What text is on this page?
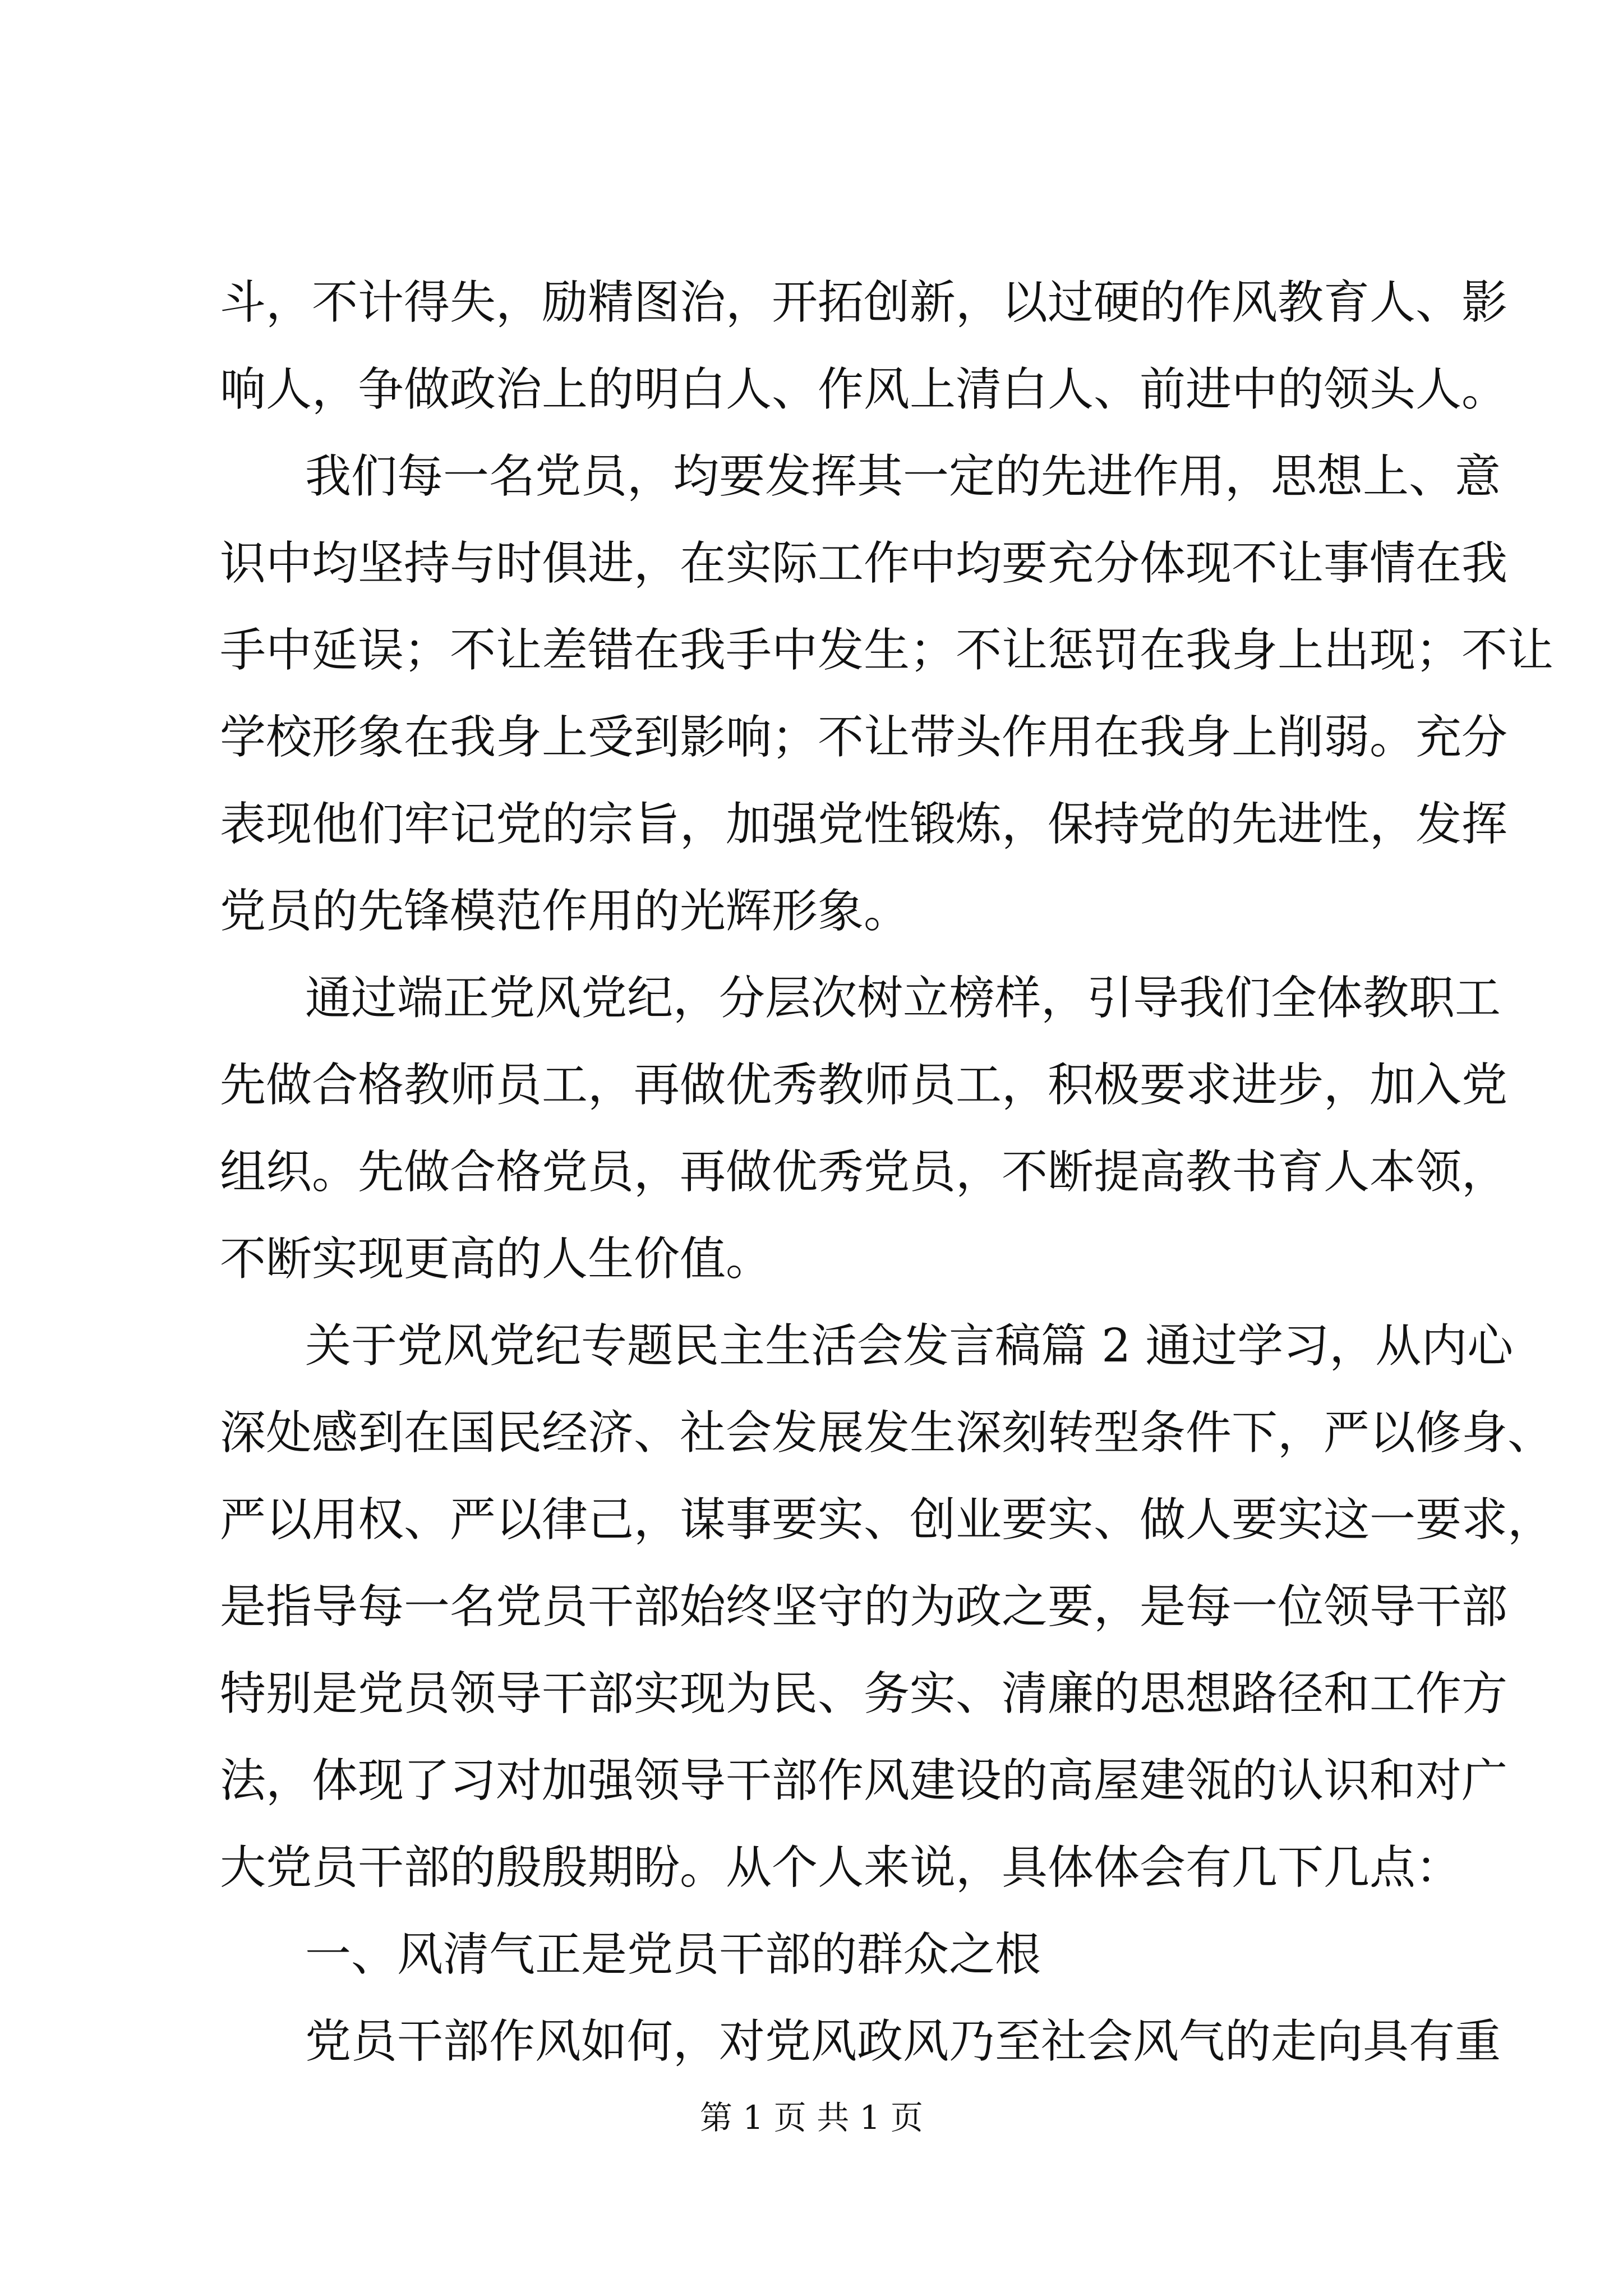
斗，不计得失，励精图治，开拓创新，以过硬的作风教育人、影
响人，争做政治上的明白人、作风上清白人、前进中的领头人。
我们每一名党员，均要发挥其一定的先进作用，思想上、意
识中均坚持与时俱进，在实际工作中均要充分体现不让事情在我
手中延误；不让差错在我手中发生；不让惩罚在我身上出现；不让
学校形象在我身上受到影响；不让带头作用在我身上削弱。充分
表现他们牢记党的宗旨，加强党性锻炼，保持党的先进性，发挥
党员的先锋模范作用的光辉形象。
通过端正党风党纪，分层次树立榜样，引导我们全体教职工
先做合格教师员工，再做优秀教师员工，积极要求进步，加入党
组织。先做合格党员，再做优秀党员，不断提高教书育人本领，
不断实现更高的人生价值。
关于党风党纪专题民主生活会发言稿篇 2 通过学习，从内心
深处感到在国民经济、社会发展发生深刻转型条件下，严以修身、
严以用权、严以律己，谋事要实、创业要实、做人要实这一要求，
是指导每一名党员干部始终坚守的为政之要，是每一位领导干部
特别是党员领导干部实现为民、务实、清廉的思想路径和工作方
法，体现了习对加强领导干部作风建设的高屋建瓴的认识和对广
大党员干部的殷殷期盼。从个人来说，具体体会有几下几点：
一、风清气正是党员干部的群众之根
党员干部作风如何，对党风政风乃至社会风气的走向具有重
第 1 页 共 1 页
